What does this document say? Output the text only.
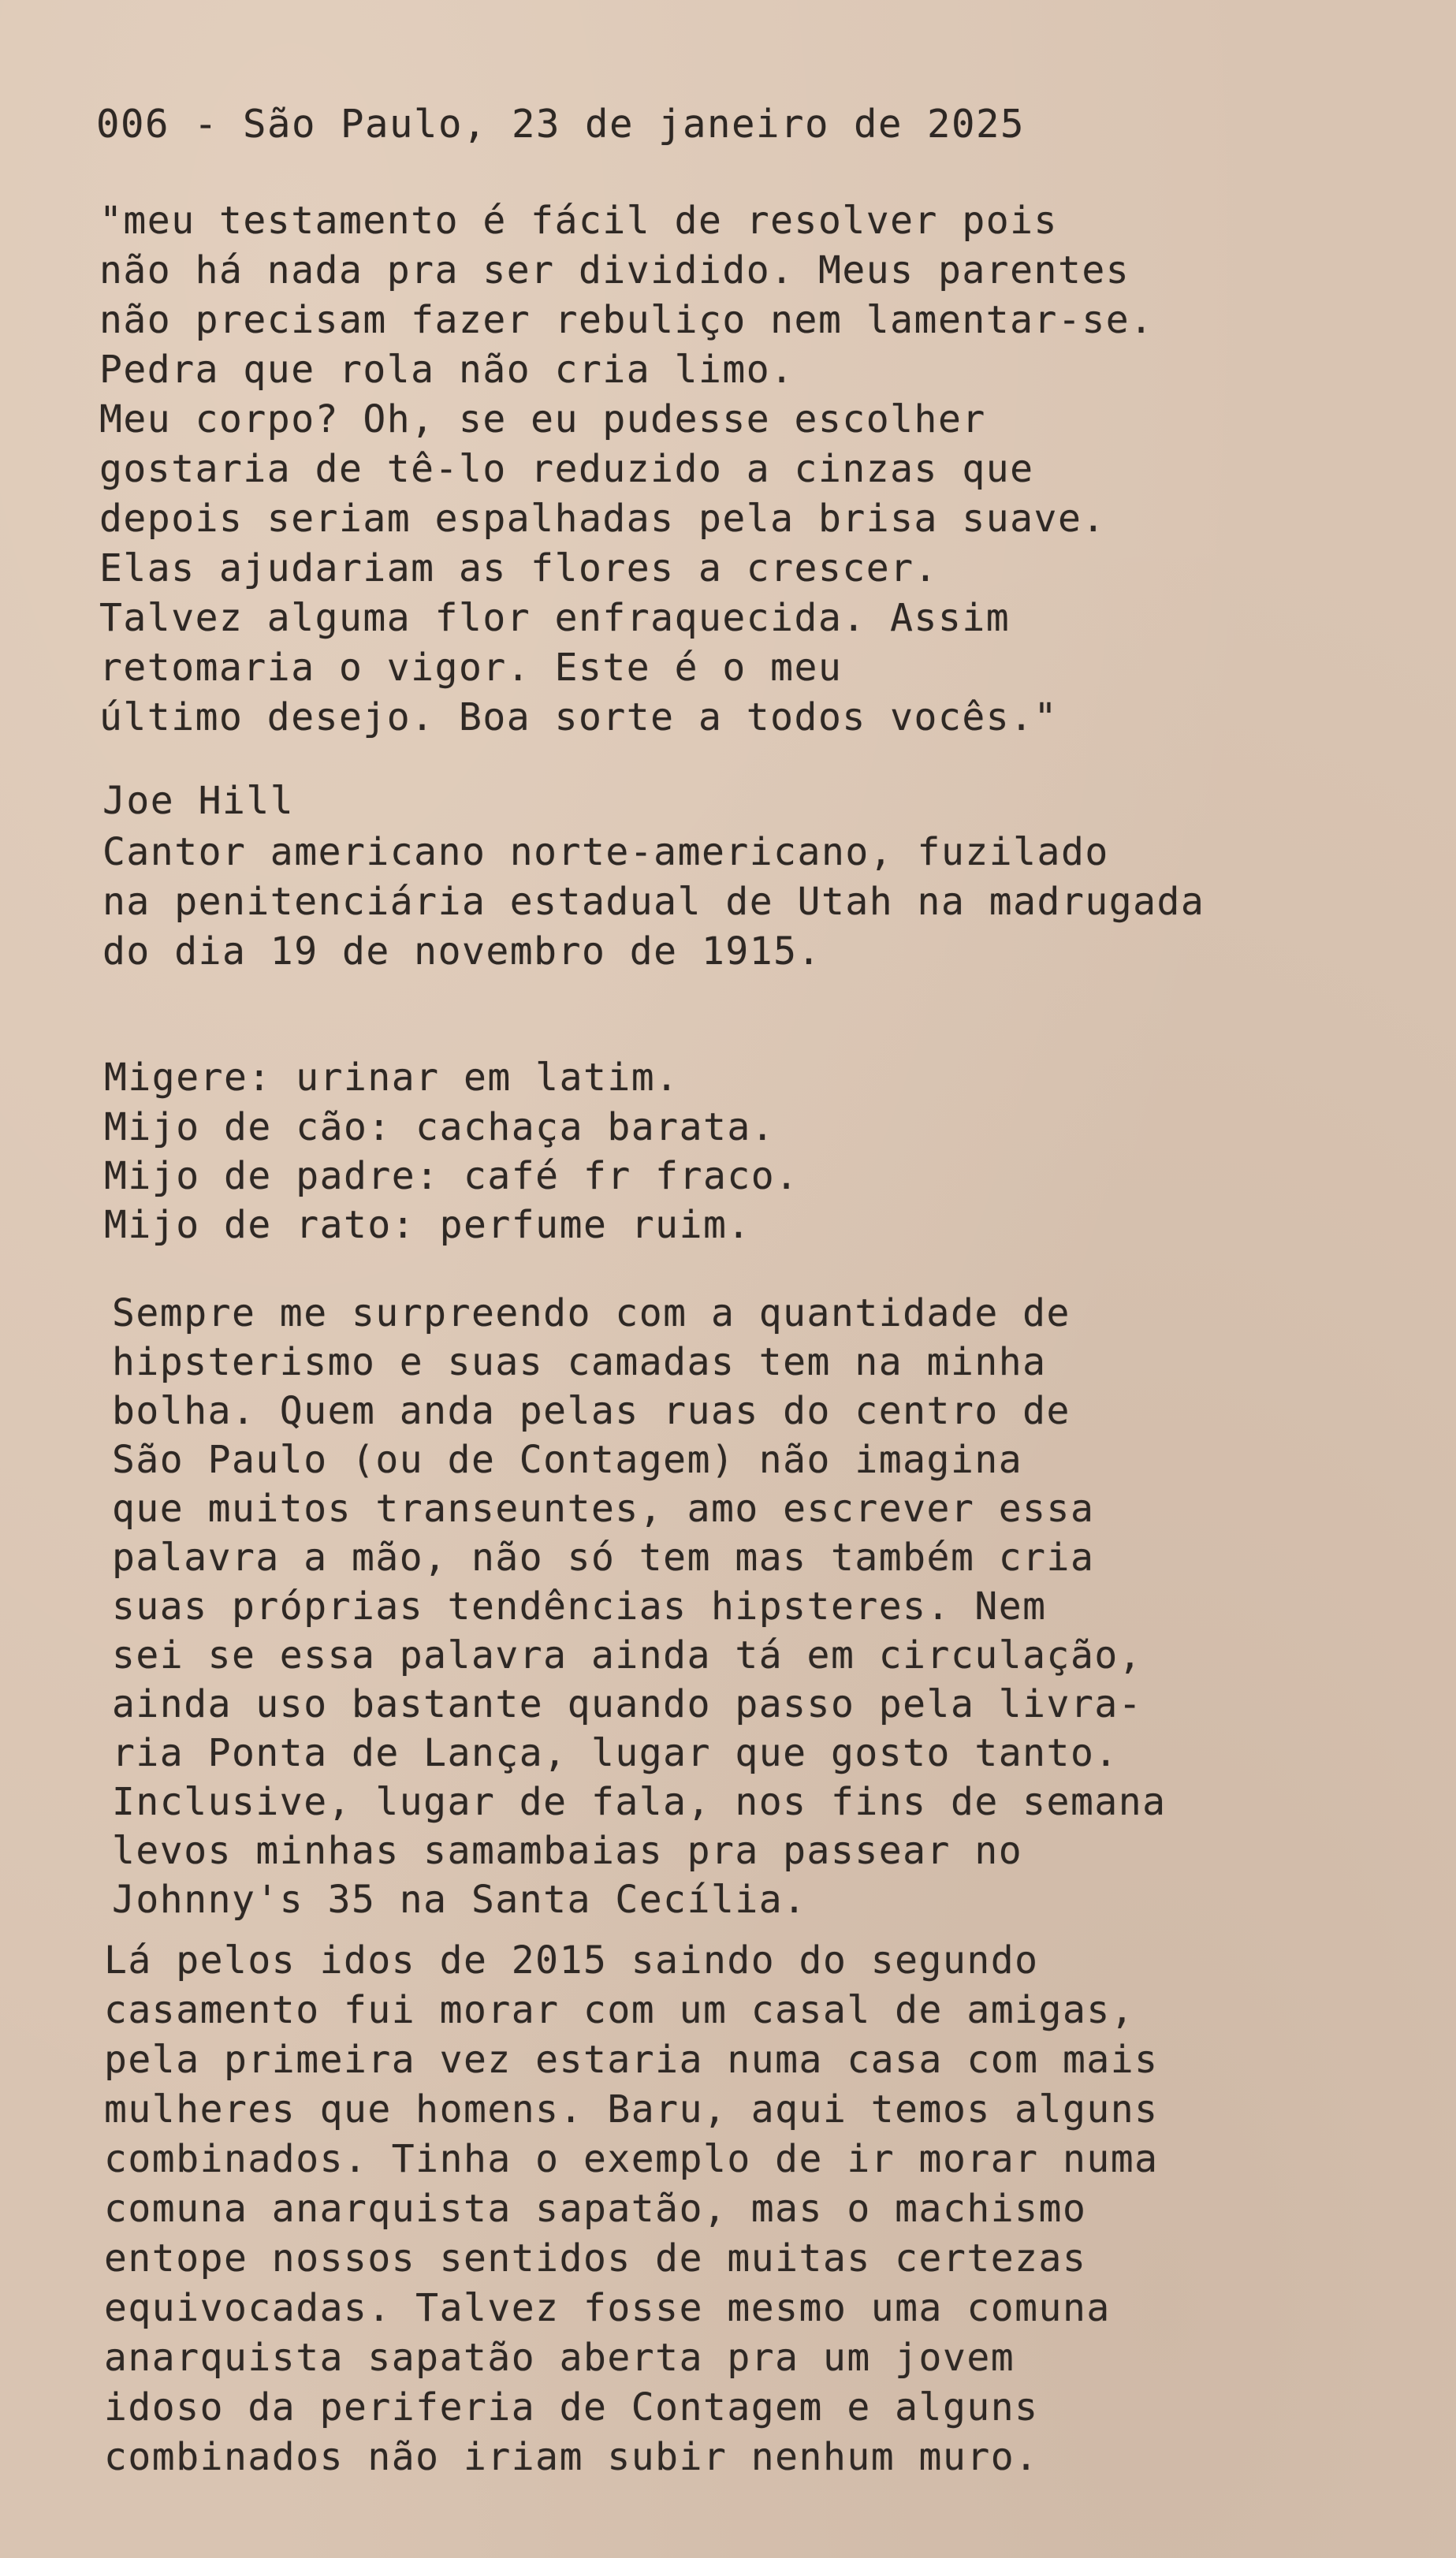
006 - São Paulo, 23 de janeiro de 2025
"meu testamento é fácil de resolver pois
não há nada pra ser dividido. Meus parentes
não precisam fazer rebuliço nem lamentar-se.
Pedra que rola não cria limo.
Meu corpo? Oh, se eu pudesse escolher
gostaria de tê-lo reduzido a cinzas que
depois seriam espalhadas pela brisa suave.
Elas ajudariam as flores a crescer.
Talvez alguma flor enfraquecida. Assim
retomaria o vigor. Este é o meu
último desejo. Boa sorte a todos vocês."
Joe Hill
Cantor americano norte-americano, fuzilado
na penitenciária estadual de Utah na madrugada
do dia 19 de novembro de 1915.
Migere: urinar em latim.
Mijo de cão: cachaça barata.
Mijo de padre: café fr fraco.
Mijo de rato: perfume ruim.
Sempre me surpreendo com a quantidade de
hipsterismo e suas camadas tem na minha
bolha. Quem anda pelas ruas do centro de
São Paulo (ou de Contagem) não imagina
que muitos transeuntes, amo escrever essa
palavra a mão, não só tem mas também cria
suas próprias tendências hipsteres. Nem
sei se essa palavra ainda tá em circulação,
ainda uso bastante quando passo pela livra-
ria Ponta de Lança, lugar que gosto tanto.
Inclusive, lugar de fala, nos fins de semana
levos minhas samambaias pra passear no
Johnny's 35 na Santa Cecília.
Lá pelos idos de 2015 saindo do segundo
casamento fui morar com um casal de amigas,
pela primeira vez estaria numa casa com mais
mulheres que homens. Baru, aqui temos alguns
combinados. Tinha o exemplo de ir morar numa
comuna anarquista sapatão, mas o machismo
entope nossos sentidos de muitas certezas
equivocadas. Talvez fosse mesmo uma comuna
anarquista sapatão aberta pra um jovem
idoso da periferia de Contagem e alguns
combinados não iriam subir nenhum muro.
